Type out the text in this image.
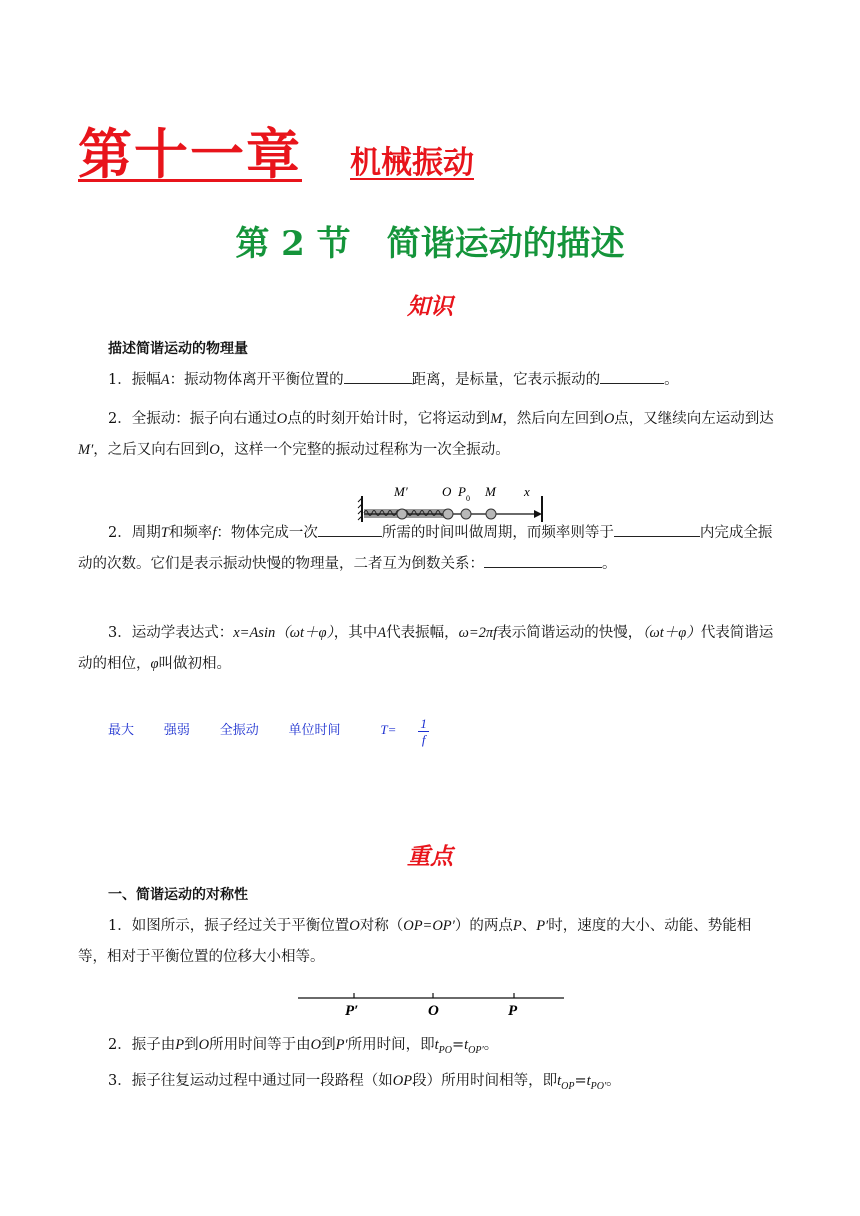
第十一章 机械振动
第 2 节 简谐运动的描述
知识
描述简谐运动的物理量
1．振幅A：振动物体离开平衡位置的	距离，是标量，它表示振动的	。
2．全振动：振子向右通过O点的时刻开始计时，它将运动到M，然后向左回到O点，又继续向左运动到达M′，之后又向右回到O，这样一个完整的振动过程称为一次全振动。
M′	O P 0 M x
2．周期T和频率f：物体完成一次	所需的时间叫做周期，而频率则等于	内完成全振动的次数。它们是表示振动快慢的物理量，二者互为倒数关系：	。
3．运动学表达式：x=Asin（ωt＋φ），其中A代表振幅，ω=2πf表示简谐运动的快慢，（ωt＋φ）代表简谐运动的相位，φ叫做初相。
最大 强弱 全振动 单位时间	$T= \frac{1}{f}$
重点
一、简谐运动的对称性
1．如图所示，振子经过关于平衡位置O对称（OP=OP′）的两点P、P′时，速度的大小、动能、势能相等，相对于平衡位置的位移大小相等。
P′	O	P
2．振子由P到O所用时间等于由O到P′所用时间，即$t_{PO}=t_{OP'}$。
3．振子往复运动过程中通过同一段路程（如OP段）所用时间相等，即$t_{OP}=t_{PO'}$。
